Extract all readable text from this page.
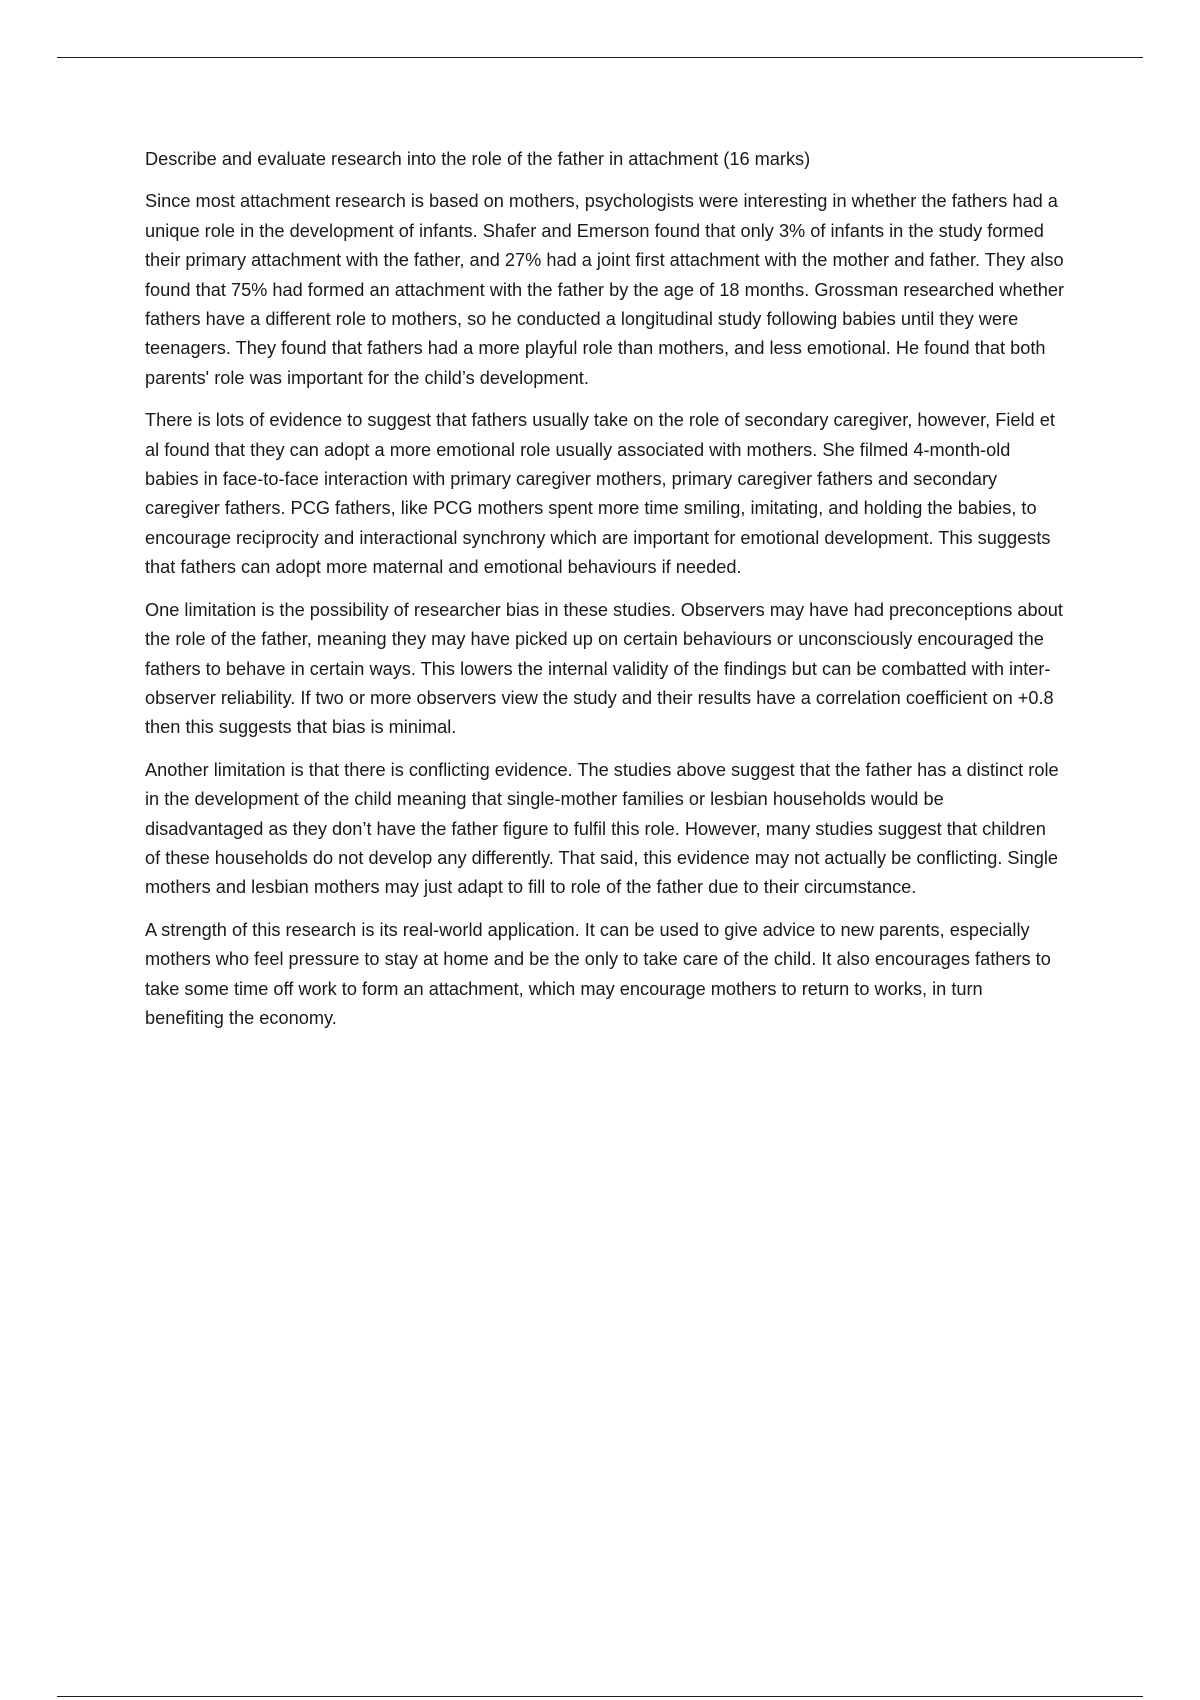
Describe and evaluate research into the role of the father in attachment (16 marks)

Since most attachment research is based on mothers, psychologists were interesting in whether the fathers had a unique role in the development of infants. Shafer and Emerson found that only 3% of infants in the study formed their primary attachment with the father, and 27% had a joint first attachment with the mother and father. They also found that 75% had formed an attachment with the father by the age of 18 months. Grossman researched whether fathers have a different role to mothers, so he conducted a longitudinal study following babies until they were teenagers. They found that fathers had a more playful role than mothers, and less emotional. He found that both parents' role was important for the child’s development.

There is lots of evidence to suggest that fathers usually take on the role of secondary caregiver, however, Field et al found that they can adopt a more emotional role usually associated with mothers. She filmed 4-month-old babies in face-to-face interaction with primary caregiver mothers, primary caregiver fathers and secondary caregiver fathers. PCG fathers, like PCG mothers spent more time smiling, imitating, and holding the babies, to encourage reciprocity and interactional synchrony which are important for emotional development. This suggests that fathers can adopt more maternal and emotional behaviours if needed.

One limitation is the possibility of researcher bias in these studies. Observers may have had preconceptions about the role of the father, meaning they may have picked up on certain behaviours or unconsciously encouraged the fathers to behave in certain ways. This lowers the internal validity of the findings but can be combatted with inter-observer reliability. If two or more observers view the study and their results have a correlation coefficient on +0.8 then this suggests that bias is minimal.

Another limitation is that there is conflicting evidence. The studies above suggest that the father has a distinct role in the development of the child meaning that single-mother families or lesbian households would be disadvantaged as they don’t have the father figure to fulfil this role. However, many studies suggest that children of these households do not develop any differently. That said, this evidence may not actually be conflicting. Single mothers and lesbian mothers may just adapt to fill to role of the father due to their circumstance.

A strength of this research is its real-world application. It can be used to give advice to new parents, especially mothers who feel pressure to stay at home and be the only to take care of the child. It also encourages fathers to take some time off work to form an attachment, which may encourage mothers to return to works, in turn benefiting the economy.
